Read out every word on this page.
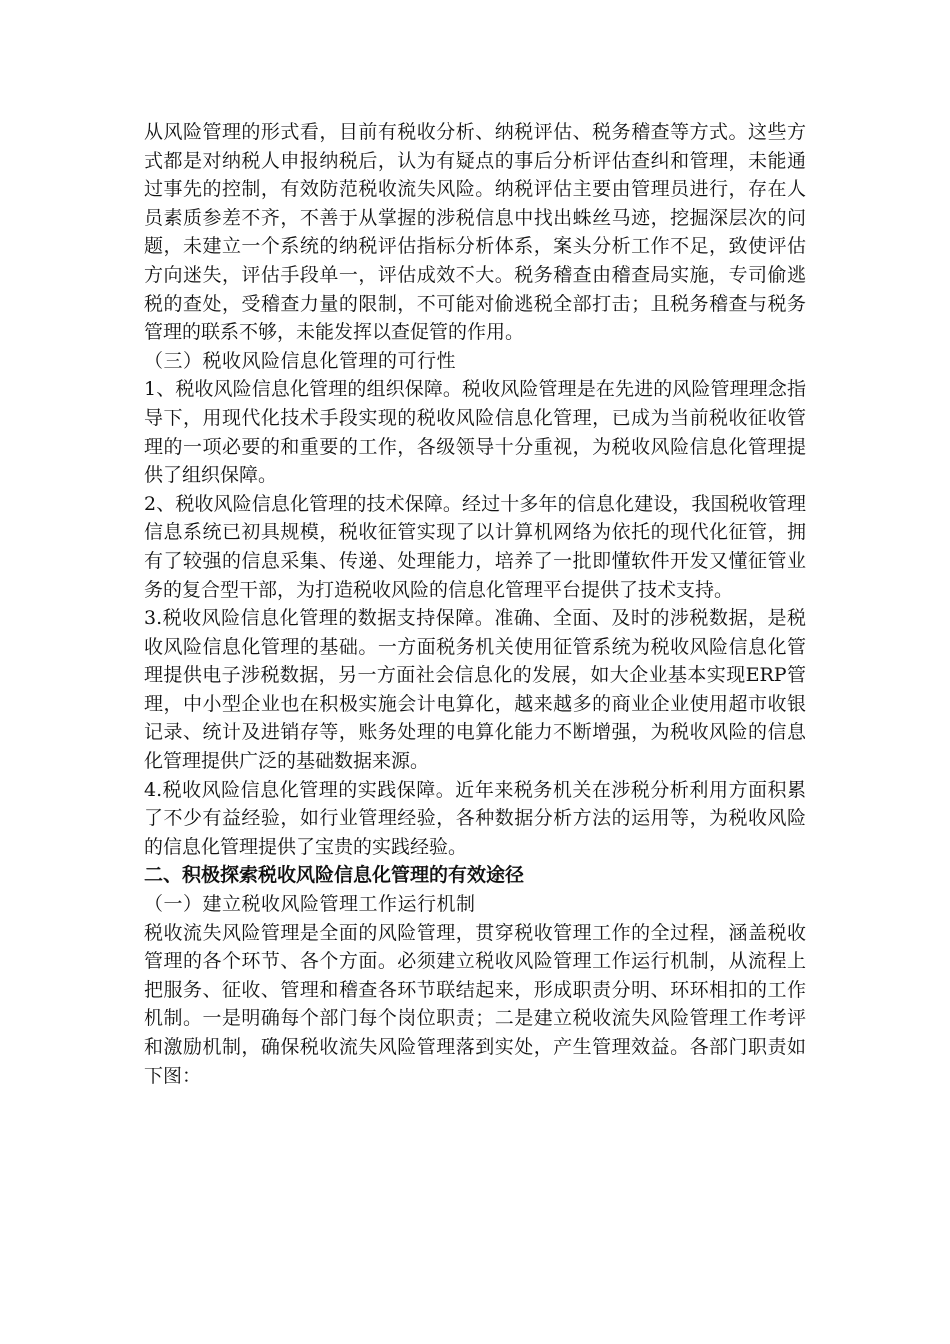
从风险管理的形式看，目前有税收分析、纳税评估、税务稽查等方式。这些方式都是对纳税人申报纳税后，认为有疑点的事后分析评估查纠和管理，未能通过事先的控制，有效防范税收流失风险。纳税评估主要由管理员进行，存在人员素质参差不齐，不善于从掌握的涉税信息中找出蛛丝马迹，挖掘深层次的问题，未建立一个系统的纳税评估指标分析体系，案头分析工作不足，致使评估方向迷失，评估手段单一，评估成效不大。税务稽查由稽查局实施，专司偷逃税的查处，受稽查力量的限制，不可能对偷逃税全部打击；且税务稽查与税务管理的联系不够，未能发挥以查促管的作用。

（三）税收风险信息化管理的可行性

1、税收风险信息化管理的组织保障。税收风险管理是在先进的风险管理理念指导下，用现代化技术手段实现的税收风险信息化管理，已成为当前税收征收管理的一项必要的和重要的工作，各级领导十分重视，为税收风险信息化管理提供了组织保障。

2、税收风险信息化管理的技术保障。经过十多年的信息化建设，我国税收管理信息系统已初具规模，税收征管实现了以计算机网络为依托的现代化征管，拥有了较强的信息采集、传递、处理能力，培养了一批即懂软件开发又懂征管业务的复合型干部，为打造税收风险的信息化管理平台提供了技术支持。

3.税收风险信息化管理的数据支持保障。准确、全面、及时的涉税数据，是税收风险信息化管理的基础。一方面税务机关使用征管系统为税收风险信息化管理提供电子涉税数据，另一方面社会信息化的发展，如大企业基本实现ERP管理，中小型企业也在积极实施会计电算化，越来越多的商业企业使用超市收银记录、统计及进销存等，账务处理的电算化能力不断增强，为税收风险的信息化管理提供广泛的基础数据来源。

4.税收风险信息化管理的实践保障。近年来税务机关在涉税分析利用方面积累了不少有益经验，如行业管理经验，各种数据分析方法的运用等，为税收风险的信息化管理提供了宝贵的实践经验。

二、积极探索税收风险信息化管理的有效途径

（一）建立税收风险管理工作运行机制

税收流失风险管理是全面的风险管理，贯穿税收管理工作的全过程，涵盖税收管理的各个环节、各个方面。必须建立税收风险管理工作运行机制，从流程上把服务、征收、管理和稽查各环节联结起来，形成职责分明、环环相扣的工作机制。一是明确每个部门每个岗位职责；二是建立税收流失风险管理工作考评和激励机制，确保税收流失风险管理落到实处，产生管理效益。各部门职责如下图：
